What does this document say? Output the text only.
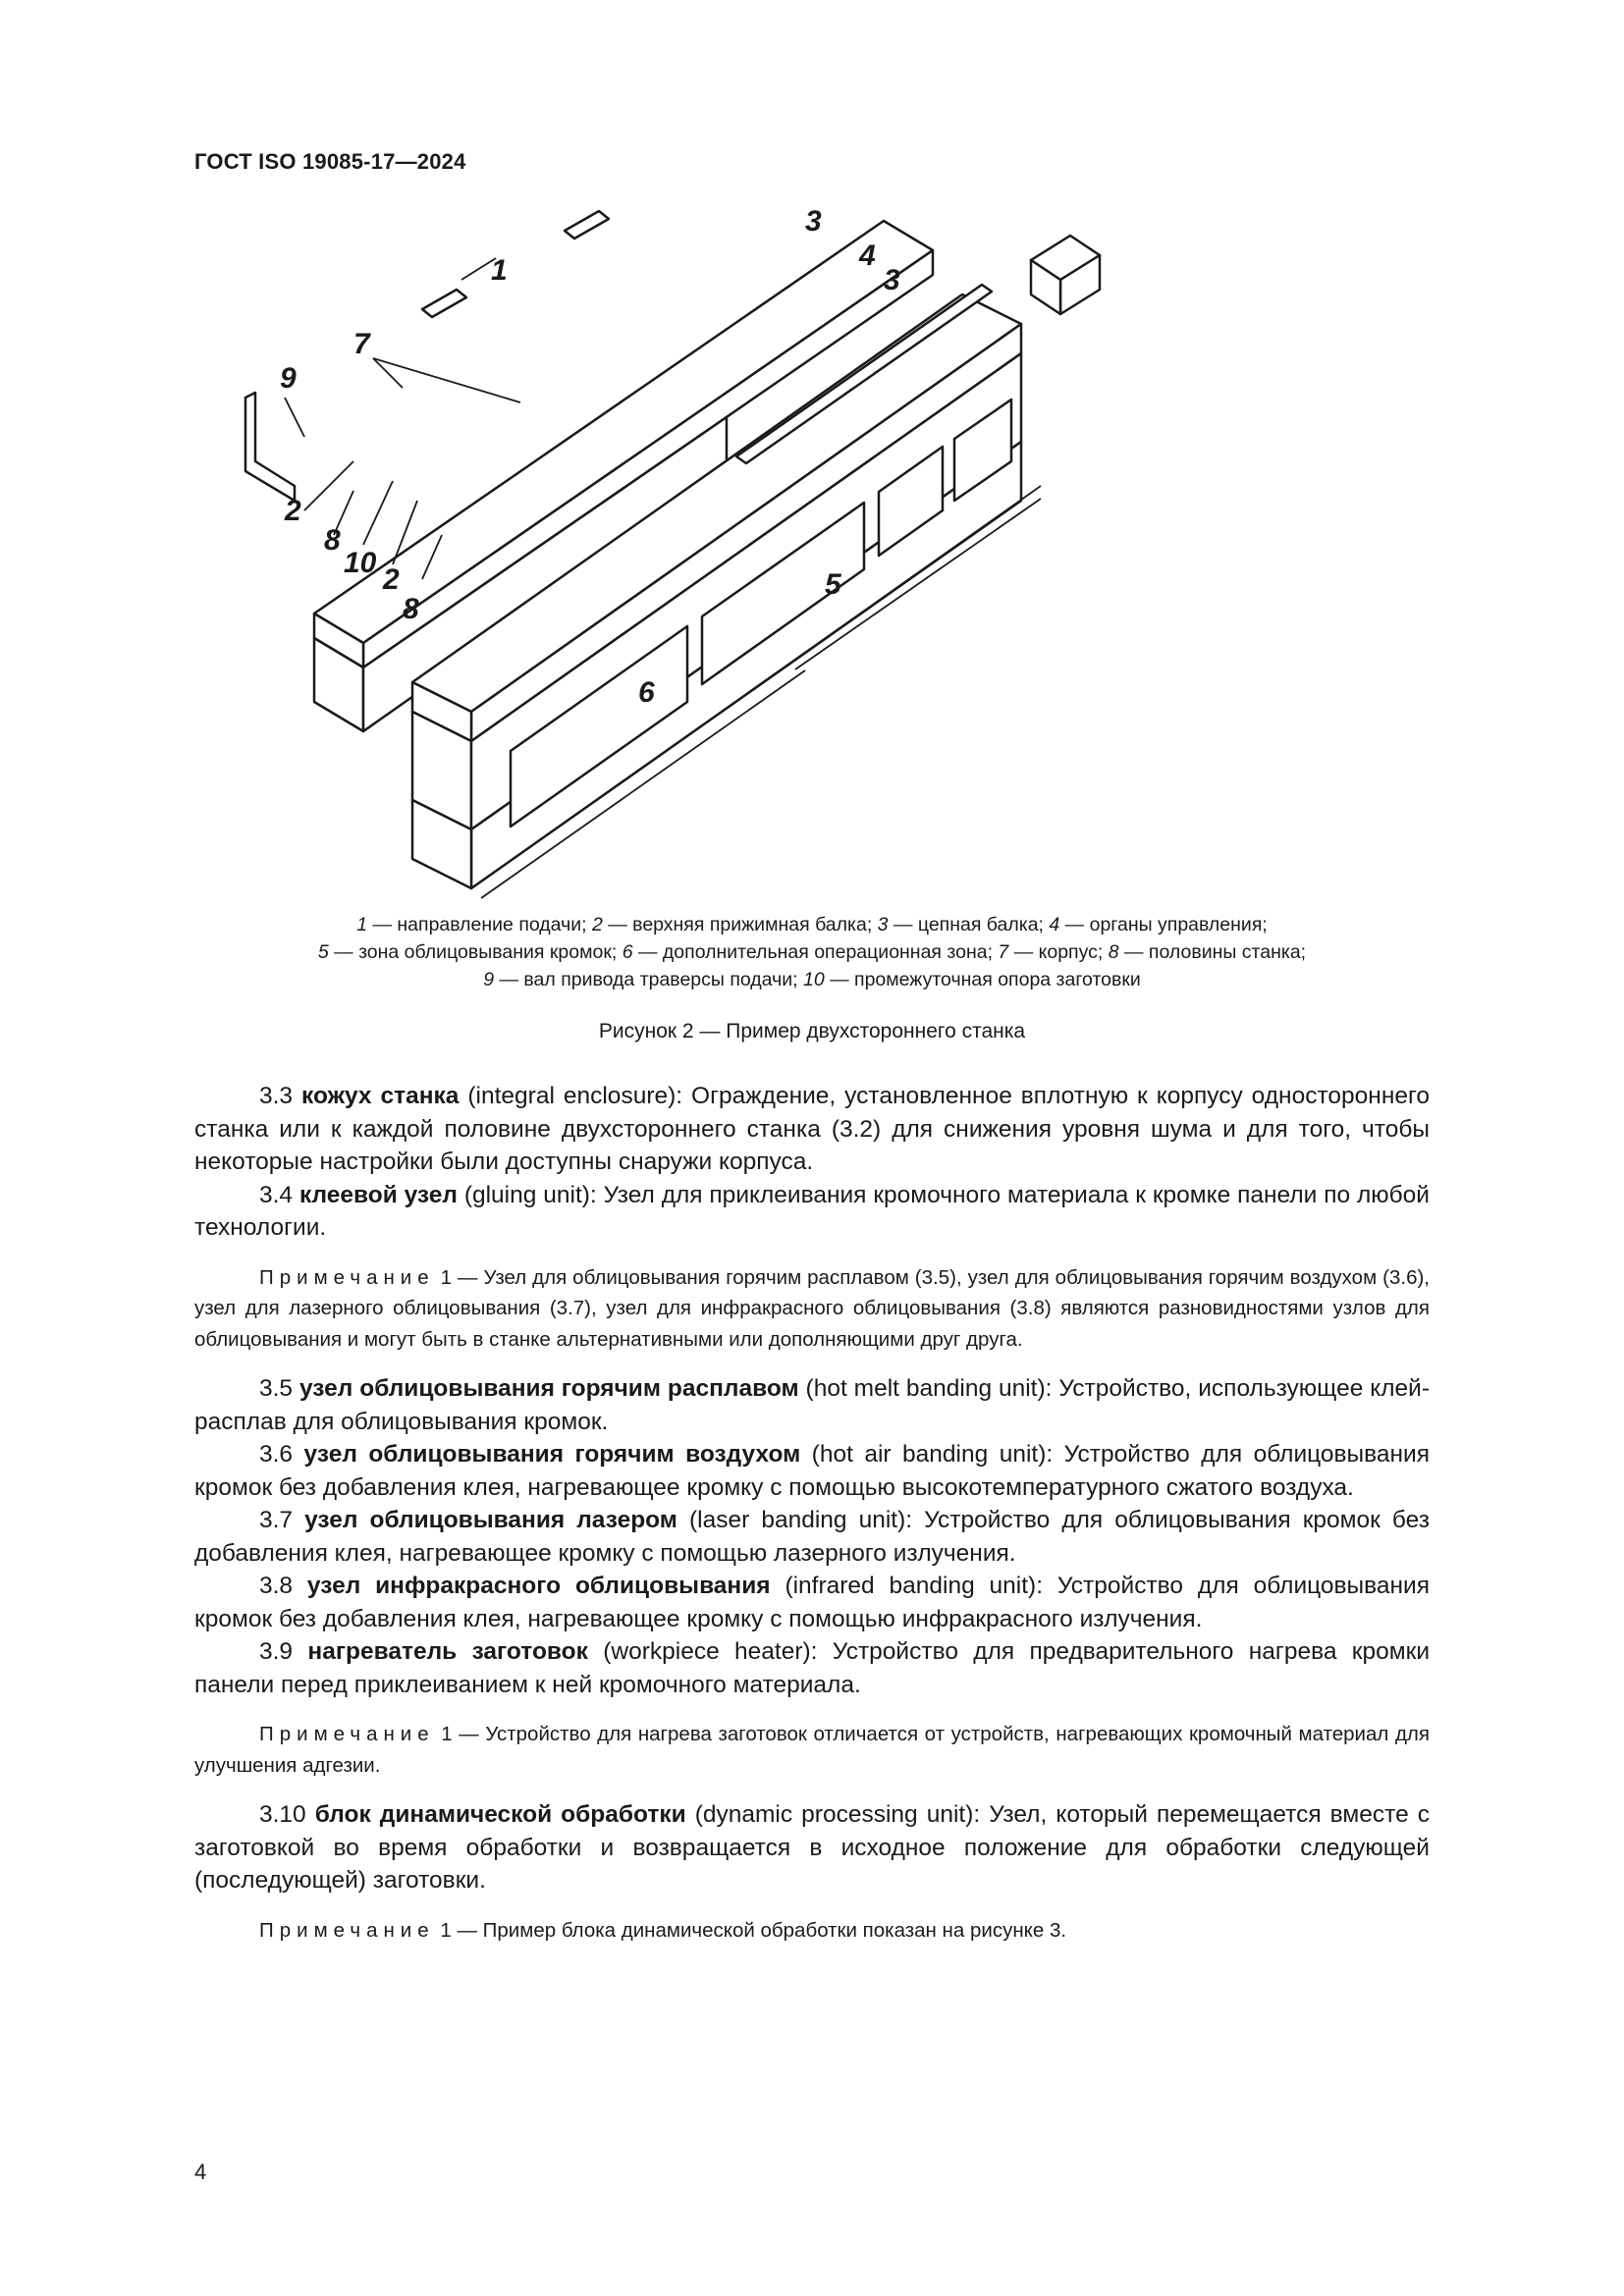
ГОСТ ISO 19085-17—2024
3
4
3
1
7
9
5
6
2
8
10
2
8
1 — направление подачи; 2 — верхняя прижимная балка; 3 — цепная балка; 4 — органы управления;
5 — зона облицовывания кромок; 6 — дополнительная операционная зона; 7 — корпус; 8 — половины станка;
9 — вал привода траверсы подачи; 10 — промежуточная опора заготовки
Рисунок 2 — Пример двухстороннего станка

3.3 кожух станка (integral enclosure): Ограждение, установленное вплотную к корпусу одностороннего станка или к каждой половине двухстороннего станка (3.2) для снижения уровня шума и для того, чтобы некоторые настройки были доступны снаружи корпуса.

3.4 клеевой узел (gluing unit): Узел для приклеивания кромочного материала к кромке панели по любой технологии.

Примечание 1 — Узел для облицовывания горячим расплавом (3.5), узел для облицовывания горячим воздухом (3.6), узел для лазерного облицовывания (3.7), узел для инфракрасного облицовывания (3.8) являются разновидностями узлов для облицовывания и могут быть в станке альтернативными или дополняющими друг друга.

3.5 узел облицовывания горячим расплавом (hot melt banding unit): Устройство, использующее клей-расплав для облицовывания кромок.

3.6 узел облицовывания горячим воздухом (hot air banding unit): Устройство для облицовывания кромок без добавления клея, нагревающее кромку с помощью высокотемпературного сжатого воздуха.

3.7 узел облицовывания лазером (laser banding unit): Устройство для облицовывания кромок без добавления клея, нагревающее кромку с помощью лазерного излучения.

3.8 узел инфракрасного облицовывания (infrared banding unit): Устройство для облицовывания кромок без добавления клея, нагревающее кромку с помощью инфракрасного излучения.

3.9 нагреватель заготовок (workpiece heater): Устройство для предварительного нагрева кромки панели перед приклеиванием к ней кромочного материала.

Примечание 1 — Устройство для нагрева заготовок отличается от устройств, нагревающих кромочный материал для улучшения адгезии.

3.10 блок динамической обработки (dynamic processing unit): Узел, который перемещается вместе с заготовкой во время обработки и возвращается в исходное положение для обработки следующей (последующей) заготовки.

Примечание 1 — Пример блока динамической обработки показан на рисунке 3.

4
